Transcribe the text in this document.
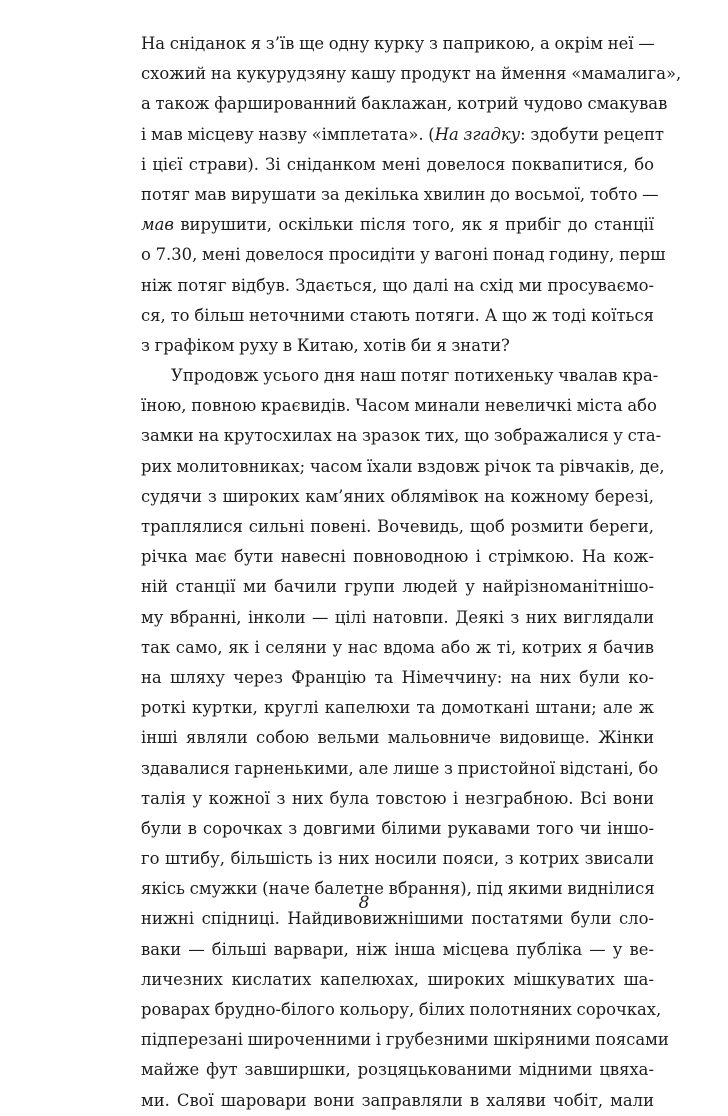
На сніданок я з’їв ще одну курку з паприкою, а окрім неї —
схожий на кукурудзяну кашу продукт на ймення «мамалига»,
а також фаршированний баклажан, котрий чудово смакував
і мав місцеву назву «імплетата». (На згадку: здобути рецепт
і цієї страви). Зі сніданком мені довелося поквапитися, бо
потяг мав вирушати за декілька хвилин до восьмої, тобто —
мав вирушити, оскільки після того, як я прибіг до станції
о 7.30, мені довелося просидіти у вагоні понад годину, перш
ніж потяг відбув. Здається, що далі на схід ми просуваємо-
ся, то більш неточними стають потяги. А що ж тоді коїться
з графіком руху в Китаю, хотів би я знати?
Упродовж усього дня наш потяг потихеньку чвалав кра-
їною, повною краєвидів. Часом минали невеличкі міста або
замки на крутосхилах на зразок тих, що зображалися у ста-
рих молитовниках; часом їхали вздовж річок та рівчаків, де,
судячи з широких кам’яних облямівок на кожному березі,
траплялися сильні повені. Вочевидь, щоб розмити береги,
річка має бути навесні повноводною і стрімкою. На кож-
ній станції ми бачили групи людей у найрізноманітнішо-
му вбранні, інколи — цілі натовпи. Деякі з них виглядали
так само, як і селяни у нас вдома або ж ті, котрих я бачив
на шляху через Францію та Німеччину: на них були ко-
роткі куртки, круглі капелюхи та домоткані штани; але ж
інші являли собою вельми мальовниче видовище. Жінки
здавалися гарненькими, але лише з пристойної відстані, бо
талія у кожної з них була товстою і незграбною. Всі вони
були в сорочках з довгими білими рукавами того чи іншо-
го штибу, більшість із них носили пояси, з котрих звисали
якісь смужки (наче балетне вбрання), під якими виднілися
нижні спідниці. Найдивовижнішими постатями були сло-
ваки — більші варвари, ніж інша місцева публіка — у ве-
личезних кислатих капелюхах, широких мішкуватих ша-
роварах брудно-білого кольору, білих полотняних сорочках,
підперезані широченними і грубезними шкіряними поясами
майже фут завширшки, розцяцькованими мідними цвяха-
ми. Свої шаровари вони заправляли в халяви чобіт, мали
8
